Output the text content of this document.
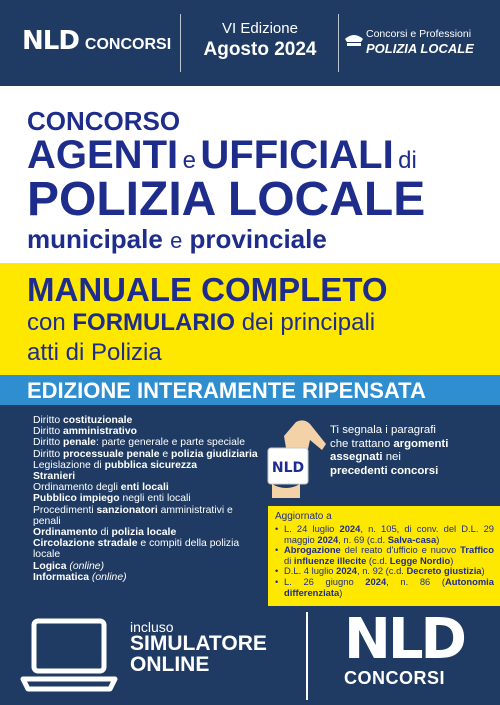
NLD CONCORSI
VI Edizione
Agosto 2024
Concorsi e Professioni
POLIZIA LOCALE
CONCORSO
AGENTI e UFFICIALI di
POLIZIA LOCALE
municipale e provinciale
MANUALE COMPLETO
con FORMULARIO dei principali
atti di Polizia
EDIZIONE INTERAMENTE RIPENSATA
Diritto costituzionale
Diritto amministrativo
Diritto penale: parte generale e parte speciale
Diritto processuale penale e polizia giudiziaria
Legislazione di pubblica sicurezza
Stranieri
Ordinamento degli enti locali
Pubblico impiego negli enti locali
Procedimenti sanzionatori amministrativi e
penali
Ordinamento di polizia locale
Circolazione stradale e compiti della polizia
locale
Logica (online)
Informatica (online)
NLD
Ti segnala i paragrafi
che trattano argomenti
assegnati nei
precedenti concorsi
Aggiornato a
• L. 24 luglio 2024, n. 105, di conv. del D.L. 29 maggio 2024, n. 69 (c.d. Salva-casa)
• Abrogazione del reato d'ufficio e nuovo Traffico di influenze illecite (c.d. Legge Nordio)
• D.L. 4 luglio 2024, n. 92 (c.d. Decreto giustizia)
• L. 26 giugno 2024, n. 86 (Autonomia differenziata)
incluso
SIMULATORE
ONLINE	NLD
CONCORSI
